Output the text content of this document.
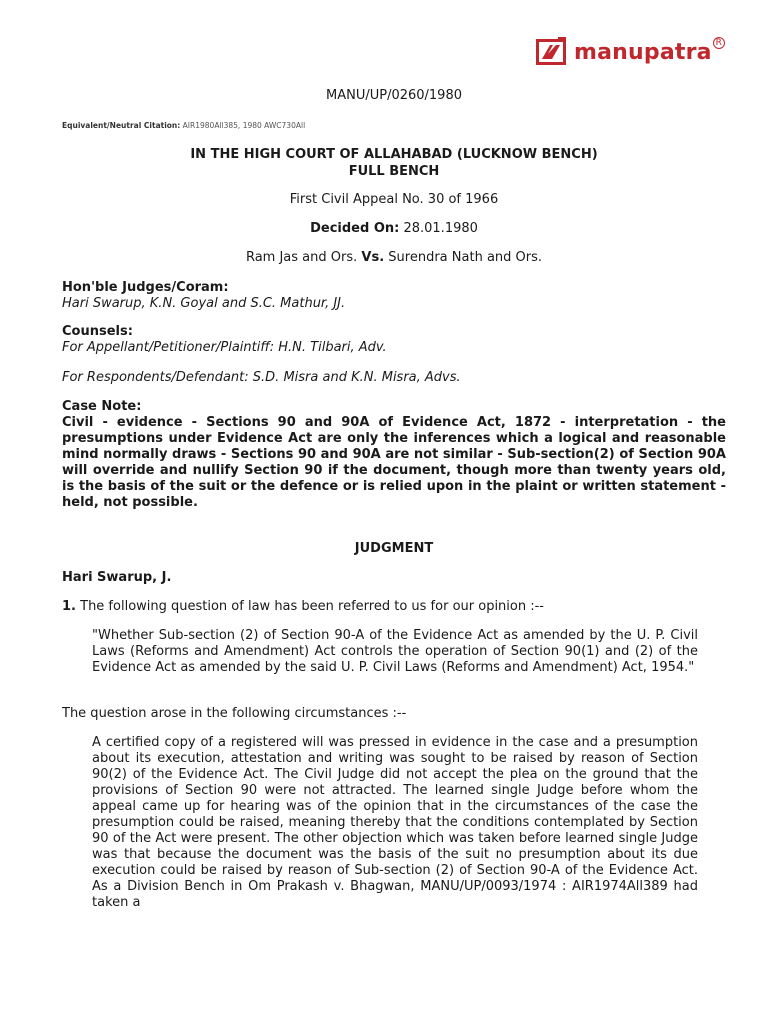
manupatra R
MANU/UP/0260/1980
Equivalent/Neutral Citation: AIR1980All385, 1980 AWC730All
IN THE HIGH COURT OF ALLAHABAD (LUCKNOW BENCH)
FULL BENCH
First Civil Appeal No. 30 of 1966
Decided On: 28.01.1980
Ram Jas and Ors. Vs. Surendra Nath and Ors.
Hon'ble Judges/Coram:
Hari Swarup, K.N. Goyal and S.C. Mathur, JJ.
Counsels:
For Appellant/Petitioner/Plaintiff: H.N. Tilbari, Adv.
For Respondents/Defendant: S.D. Misra and K.N. Misra, Advs.
Case Note:
Civil - evidence - Sections 90 and 90A of Evidence Act, 1872 - interpretation - the presumptions under Evidence Act are only the inferences which a logical and reasonable mind normally draws - Sections 90 and 90A are not similar - Sub-section(2) of Section 90A will override and nullify Section 90 if the document, though more than twenty years old, is the basis of the suit or the defence or is relied upon in the plaint or written statement - held, not possible.
JUDGMENT
Hari Swarup, J.
1. The following question of law has been referred to us for our opinion :--
"Whether Sub-section (2) of Section 90-A of the Evidence Act as amended by the U. P. Civil Laws (Reforms and Amendment) Act controls the operation of Section 90(1) and (2) of the Evidence Act as amended by the said U. P. Civil Laws (Reforms and Amendment) Act, 1954."
The question arose in the following circumstances :--
A certified copy of a registered will was pressed in evidence in the case and a presumption about its execution, attestation and writing was sought to be raised by reason of Section 90(2) of the Evidence Act. The Civil Judge did not accept the plea on the ground that the provisions of Section 90 were not attracted. The learned single Judge before whom the appeal came up for hearing was of the opinion that in the circumstances of the case the presumption could be raised, meaning thereby that the conditions contemplated by Section 90 of the Act were present. The other objection which was taken before learned single Judge was that because the document was the basis of the suit no presumption about its due execution could be raised by reason of Sub-section (2) of Section 90-A of the Evidence Act. As a Division Bench in Om Prakash v. Bhagwan, MANU/UP/0093/1974 : AIR1974All389 had taken a
